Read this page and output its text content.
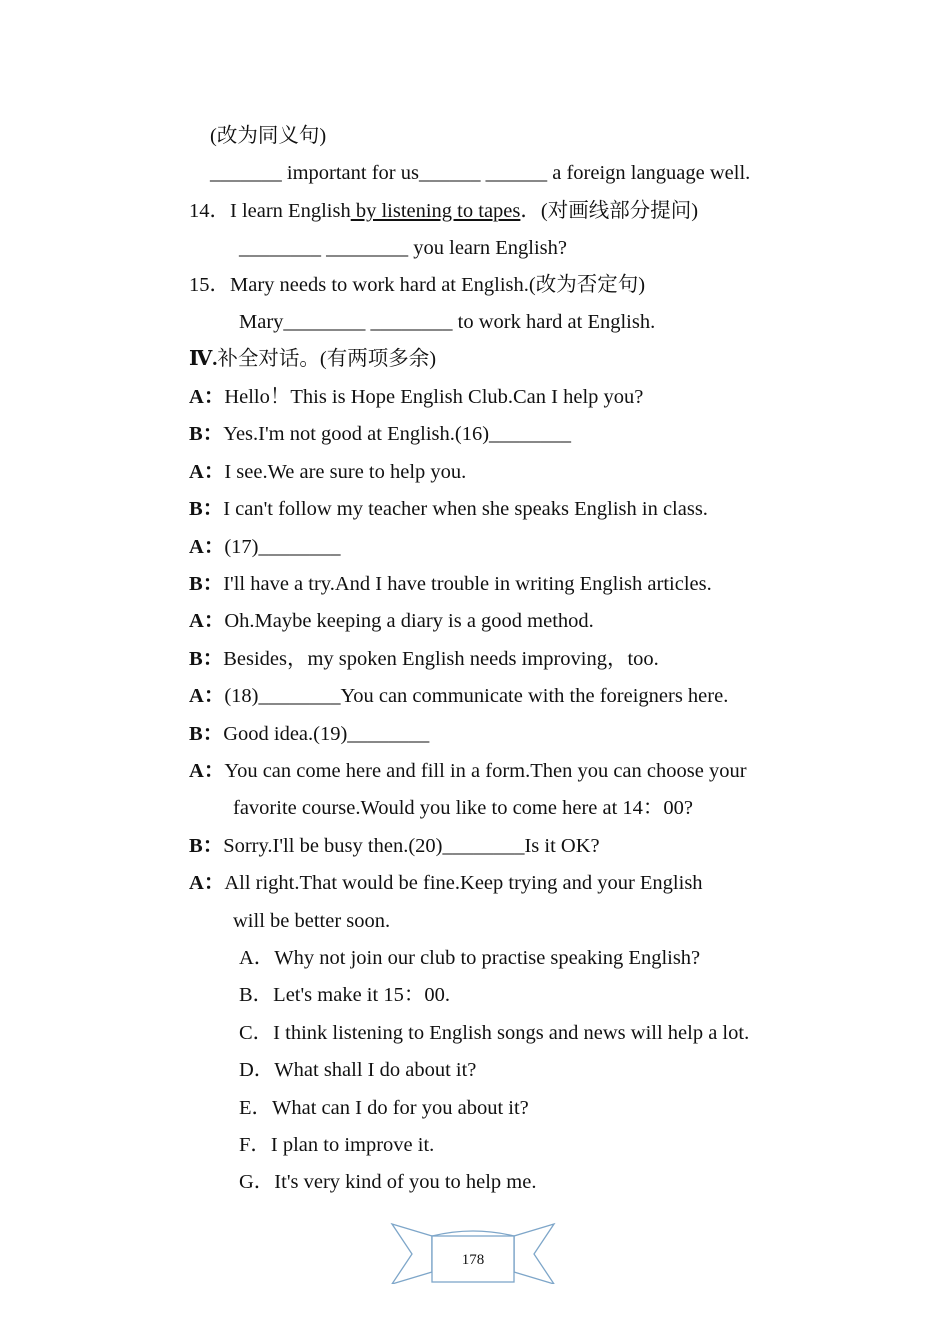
(改为同义句)
_______ important for us______ ______ a foreign language well.
14．I learn English by listening to tapes．(对画线部分提问)
________ ________ you learn English?
15．Mary needs to work hard at English.(改为否定句)
Mary________ ________ to work hard at English.
Ⅳ.补全对话。(有两项多余)
A：Hello！This is Hope English Club.Can I help you?
B：Yes.I'm not good at English.(16)________
A：I see.We are sure to help you.
B：I can't follow my teacher when she speaks English in class.
A：(17)________
B：I'll have a try.And I have trouble in writing English articles.
A：Oh.Maybe keeping a diary is a good method.
B：Besides，my spoken English needs improving，too.
A：(18)________You can communicate with the foreigners here.
B：Good idea.(19)________
A：You can come here and fill in a form.Then you can choose your
favorite course.Would you like to come here at 14：00?
B：Sorry.I'll be busy then.(20)________Is it OK?
A：All right.That would be fine.Keep trying and your English
will be better soon.
A．Why not join our club to practise speaking English?
B．Let's make it 15：00.
C．I think listening to English songs and news will help a lot.
D．What shall I do about it?
E．What can I do for you about it?
F．I plan to improve it.
G．It's very kind of you to help me.
178
